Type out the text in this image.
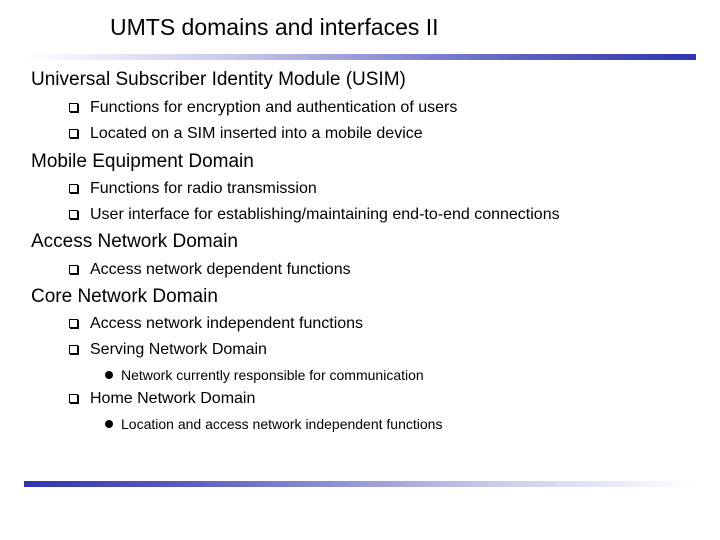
UMTS domains and interfaces II
Universal Subscriber Identity Module (USIM)
Functions for encryption and authentication of users
Located on a SIM inserted into a mobile device
Mobile Equipment Domain
Functions for radio transmission
User interface for establishing/maintaining end-to-end connections
Access Network Domain
Access network dependent functions
Core Network Domain
Access network independent functions
Serving Network Domain
Network currently responsible for communication
Home Network Domain
Location and access network independent functions
